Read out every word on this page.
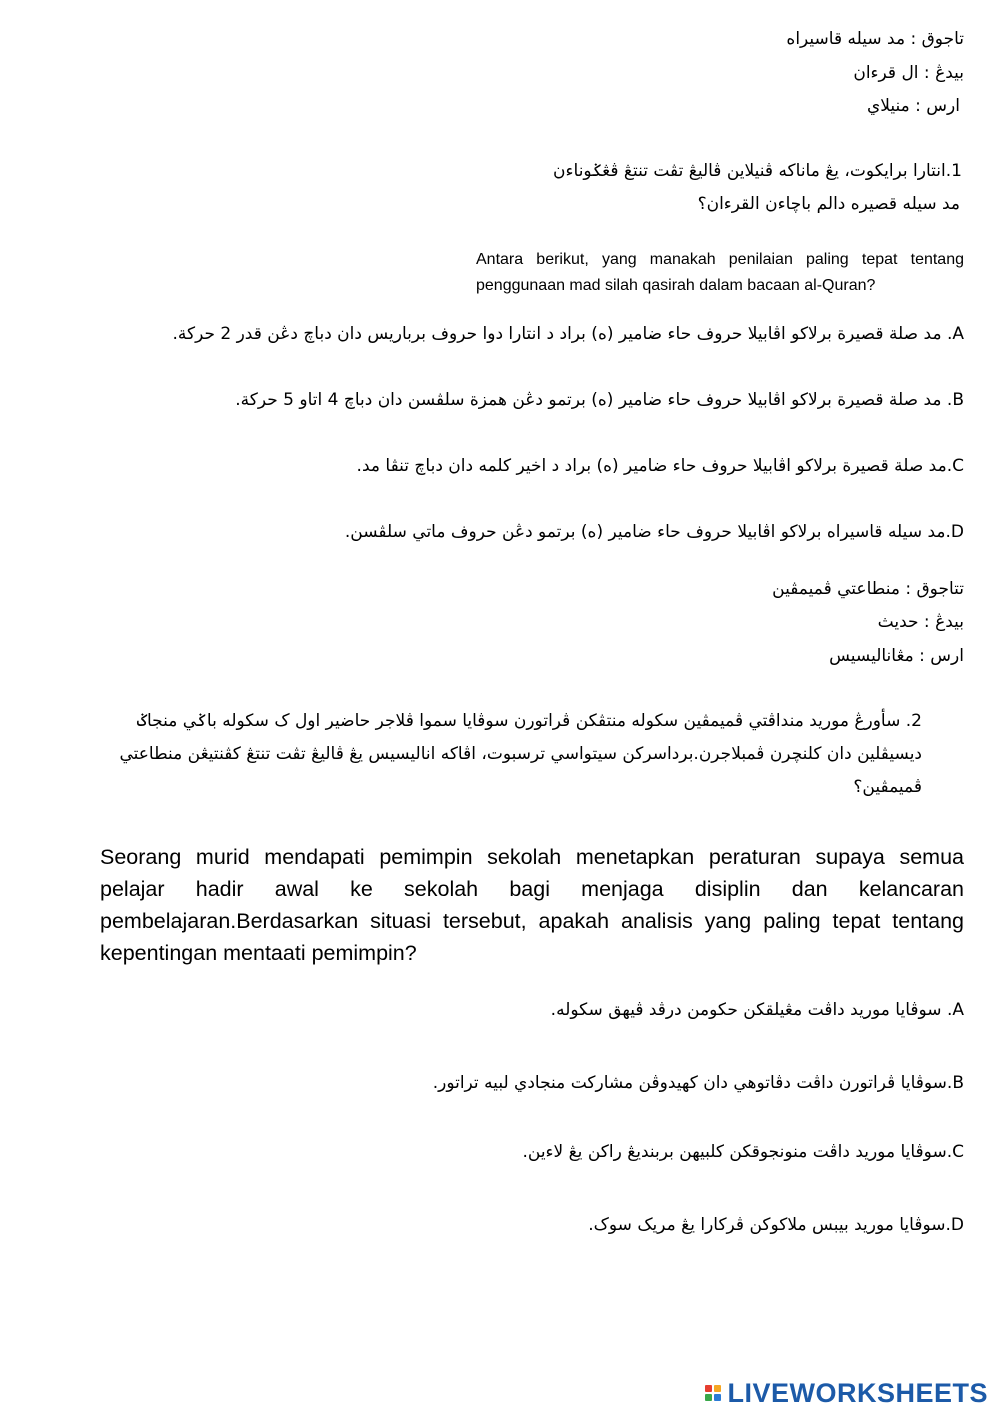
تاجوق : مد سيله قاسيراه
بيدڠ : ال قرءان
ارس : منيلاي
1.انتارا برايكوت، يڠ ماناكه ڤنيلاين ڤاليڠ تڤت تنتڠ ڤڠݢوناءن
مد سيله قصيره دالم باچاءن القرءان؟
Antara berikut, yang manakah penilaian paling tepat tentang penggunaan mad silah qasirah dalam bacaan al-Quran?
A. مد صلة قصيرة برلاكو اڤابيلا حروف حاء ضامير (ه) براد د انتارا دوا حروف برباريس دان دباچ دڠن قدر 2 حركة.
B. مد صلة قصيرة برلاكو اڤابيلا حروف حاء ضامير (ه) برتمو دڠن همزة سلڤسن دان دباچ 4 اتاو 5 حركة.
C.مد صلة قصيرة برلاكو اڤابيلا حروف حاء ضامير (ه) براد د اخير كلمه دان دباچ تنڤا مد.
D.مد سيله قاسيراه برلاكو اڤابيلا حروف حاء ضامير (ه) برتمو دڠن حروف ماتي سلڤسن.
تتاجوق : منطاعتي ڤميمڤين
بيدڠ : حديث
ارس : مڠاناليسيس
2. سأورڠ موريد منداڤتي ڤميمڤين سكوله منتڤكن ڤراتورن سوڤايا سموا ڤلاجر حاضير اول ک سكوله باݢي منجاݢ ديسيڤلين دان كلنچرن ڤمبلاجرن.برداسركن سيتواسي ترسبوت، اڤاكه اناليسيس يڠ ڤاليڠ تڤت تنتڠ كڤنتيڠن منطاعتي ڤميمڤين؟
Seorang murid mendapati pemimpin sekolah menetapkan peraturan supaya semua pelajar hadir awal ke sekolah bagi menjaga disiplin dan kelancaran pembelajaran.Berdasarkan situasi tersebut, apakah analisis yang paling tepat tentang kepentingan mentaati pemimpin?
A. سوڤايا موريد داڤت مڠيلقكن حكومن درڤد ڤيهق سكوله.
B.سوڤايا ڤراتورن داڤت دڤاتوهي دان كهيدوڤن مشاركت منجادي لبيه تراتور.
C.سوڤايا موريد داڤت منونجوقكن كلبيهن بربنديڠ راكن يڠ لاءين.
D.سوڤايا موريد بيبس ملاكوكن ڤركارا يڠ مريک سوک.
LIVEWORKSHEETS
